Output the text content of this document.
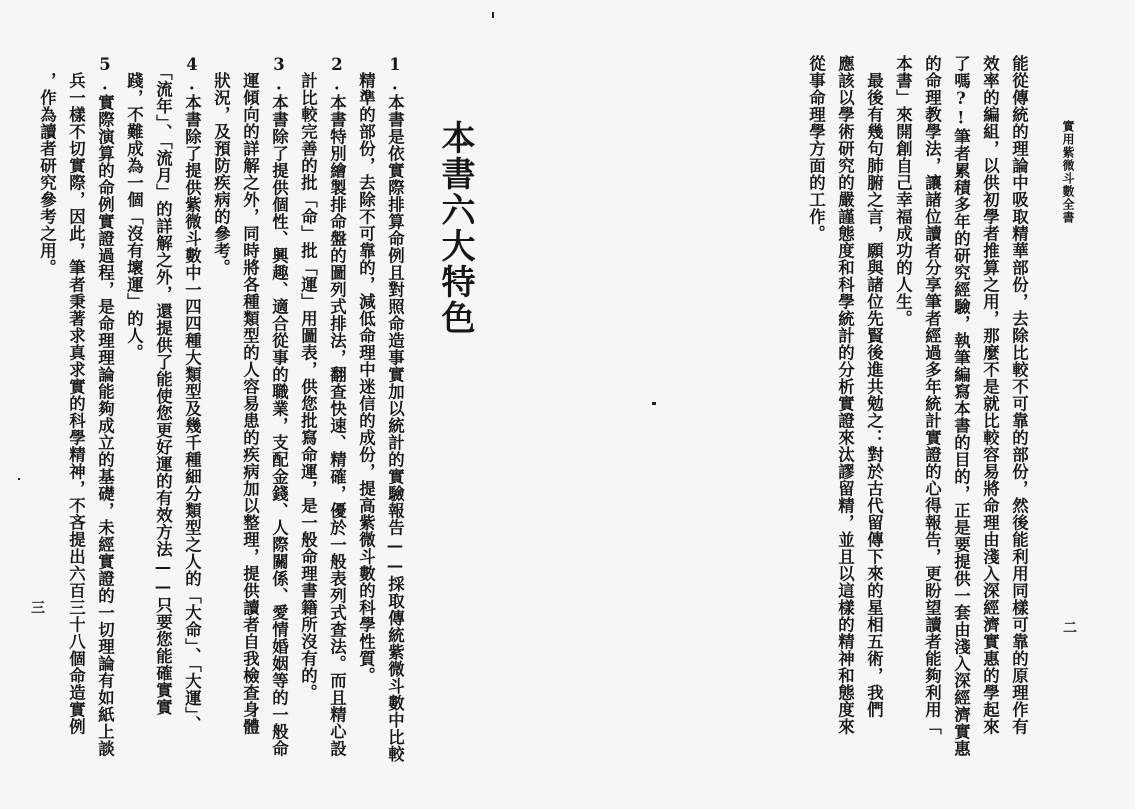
實用紫微斗數全書
二
能從傳統的理論中吸取精華部份，去除比較不可靠的部份，然後能利用同樣可靠的原理作有
效率的編組，以供初學者推算之用，那麼不是就比較容易將命理由淺入深經濟實惠的學起來
了嗎?!筆者累積多年的研究經驗，執筆編寫本書的目的，正是要提供一套由淺入深經濟實惠
的命理教學法，讓諸位讀者分享筆者經過多年統計實證的心得報告，更盼望讀者能夠利用「
本書」來開創自己幸福成功的人生。
　最後有幾句肺腑之言，願與諸位先賢後進共勉之：對於古代留傳下來的星相五術，我們
應該以學術研究的嚴謹態度和科學統計的分析實證來汰謬留精，並且以這樣的精神和態度來
從事命理學方面的工作。
本書六大特色
1.本書是依實際排算命例且對照命造事實加以統計的實驗報告——採取傳統紫微斗數中比較
　精準的部份，去除不可靠的，減低命理中迷信的成份，提高紫微斗數的科學性質。
2.本書特別繪製排命盤的圖列式排法，翻查快速、精確，優於一般表列式查法。而且精心設
　計比較完善的批「命」批「運」用圖表，供您批寫命運，是一般命理書籍所沒有的。
3.本書除了提供個性、興趣、適合從事的職業，支配金錢、人際關係、愛情婚姻等的一般命
　運傾向的詳解之外，同時將各種類型的人容易患的疾病加以整理，提供讀者自我檢查身體
　狀況，及預防疾病的參考。
4.本書除了提供紫微斗數中一四四種大類型及幾千種細分類型之人的「大命」、「大運」、
　「流年」、「流月」的詳解之外，還提供了能使您更好運的有效方法——只要您能確實實
　踐，不難成為一個「沒有壞運」的人。
5.實際演算的命例實證過程，是命理理論能夠成立的基礎，未經實證的一切理論有如紙上談
　兵一樣不切實際，因此，筆者秉著求真求實的科學精神，不吝提出六百三十八個命造實例
　，作為讀者研究參考之用。
三
